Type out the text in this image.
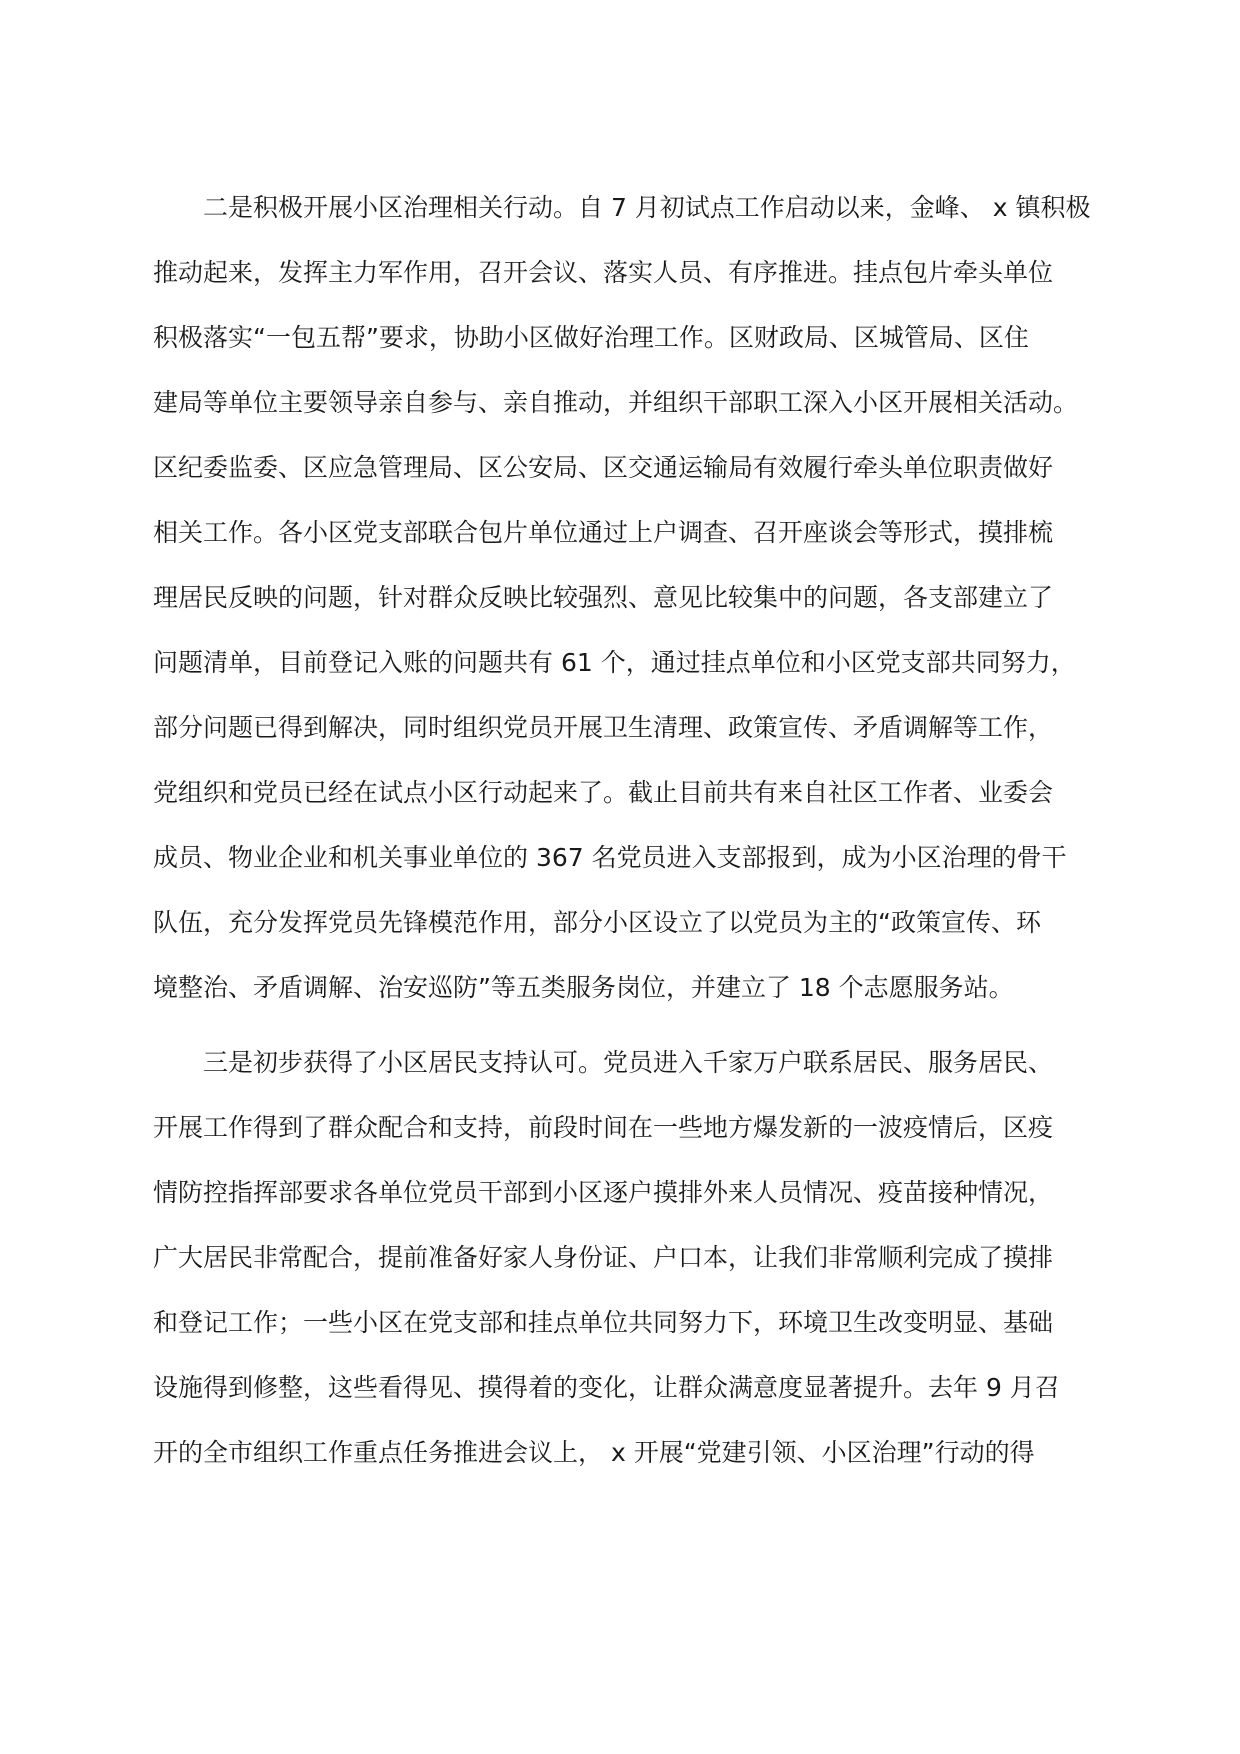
二是积极开展小区治理相关行动。自 7 月初试点工作启动以来，金峰、 x 镇积极
推动起来，发挥主力军作用，召开会议、落实人员、有序推进。挂点包片牵头单位
积极落实“一包五帮”要求，协助小区做好治理工作。区财政局、区城管局、区住
建局等单位主要领导亲自参与、亲自推动，并组织干部职工深入小区开展相关活动。
区纪委监委、区应急管理局、区公安局、区交通运输局有效履行牵头单位职责做好
相关工作。各小区党支部联合包片单位通过上户调查、召开座谈会等形式，摸排梳
理居民反映的问题，针对群众反映比较强烈、意见比较集中的问题，各支部建立了
问题清单，目前登记入账的问题共有 61 个，通过挂点单位和小区党支部共同努力，
部分问题已得到解决，同时组织党员开展卫生清理、政策宣传、矛盾调解等工作，
党组织和党员已经在试点小区行动起来了。截止目前共有来自社区工作者、业委会
成员、物业企业和机关事业单位的 367 名党员进入支部报到，成为小区治理的骨干
队伍，充分发挥党员先锋模范作用，部分小区设立了以党员为主的“政策宣传、环
境整治、矛盾调解、治安巡防”等五类服务岗位，并建立了 18 个志愿服务站。
三是初步获得了小区居民支持认可。党员进入千家万户联系居民、服务居民、
开展工作得到了群众配合和支持，前段时间在一些地方爆发新的一波疫情后，区疫
情防控指挥部要求各单位党员干部到小区逐户摸排外来人员情况、疫苗接种情况，
广大居民非常配合，提前准备好家人身份证、户口本，让我们非常顺利完成了摸排
和登记工作；一些小区在党支部和挂点单位共同努力下，环境卫生改变明显、基础
设施得到修整，这些看得见、摸得着的变化，让群众满意度显著提升。去年 9 月召
开的全市组织工作重点任务推进会议上， x 开展“党建引领、小区治理”行动的得
